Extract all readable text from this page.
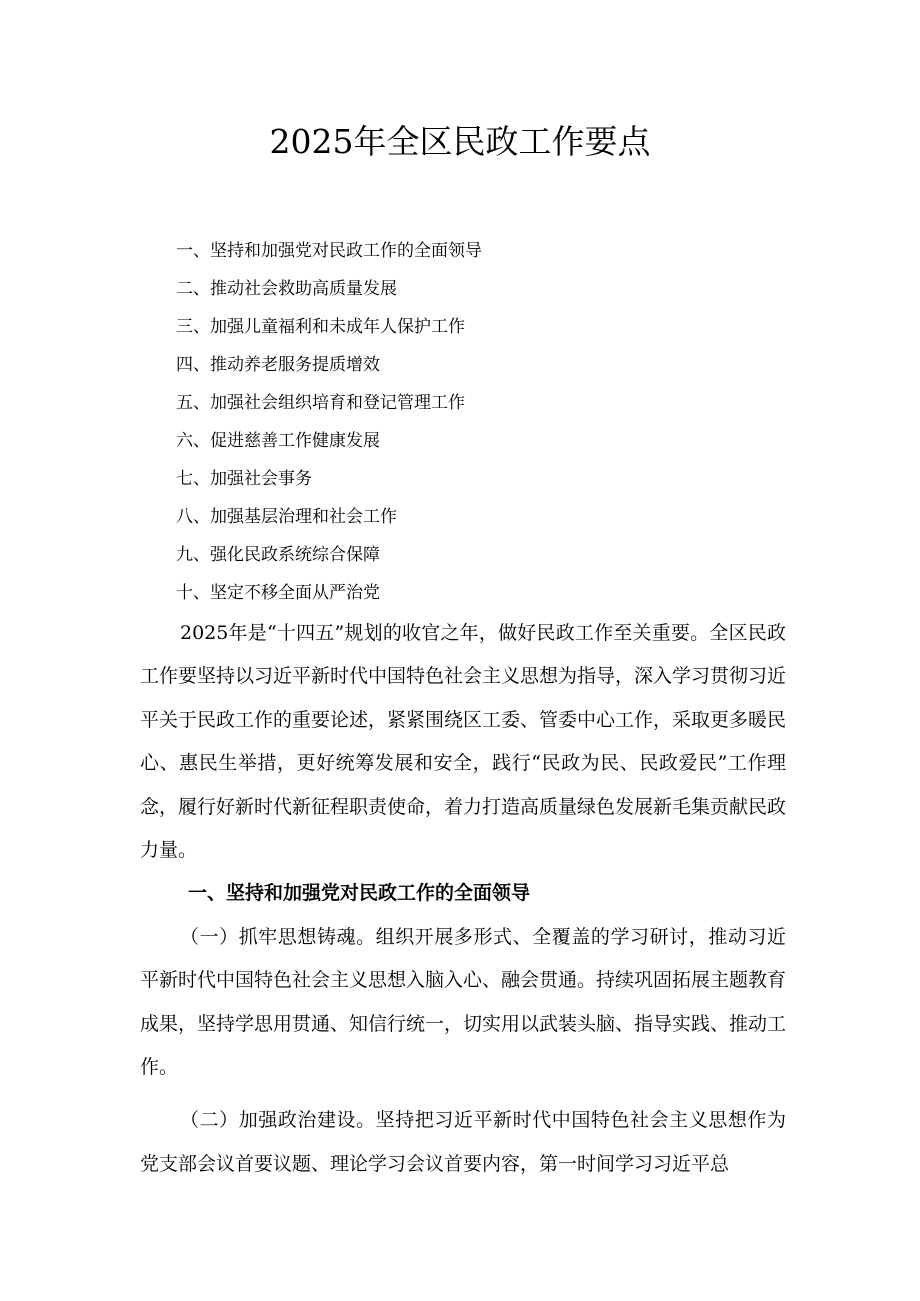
2025年全区民政工作要点
一、坚持和加强党对民政工作的全面领导
二、推动社会救助高质量发展
三、加强儿童福利和未成年人保护工作
四、推动养老服务提质增效
五、加强社会组织培育和登记管理工作
六、促进慈善工作健康发展
七、加强社会事务
八、加强基层治理和社会工作
九、强化民政系统综合保障
十、坚定不移全面从严治党

2025年是“十四五”规划的收官之年，做好民政工作至关重要。全区民政工作要坚持以习近平新时代中国特色社会主义思想为指导，深入学习贯彻习近平关于民政工作的重要论述，紧紧围绕区工委、管委中心工作，采取更多暖民心、惠民生举措，更好统筹发展和安全，践行“民政为民、民政爱民”工作理念，履行好新时代新征程职责使命，着力打造高质量绿色发展新毛集贡献民政力量。

一、坚持和加强党对民政工作的全面领导

（一）抓牢思想铸魂。组织开展多形式、全覆盖的学习研讨，推动习近平新时代中国特色社会主义思想入脑入心、融会贯通。持续巩固拓展主题教育成果，坚持学思用贯通、知信行统一，切实用以武装头脑、指导实践、推动工作。

（二）加强政治建设。坚持把习近平新时代中国特色社会主义思想作为党支部会议首要议题、理论学习会议首要内容，第一时间学习习近平总
